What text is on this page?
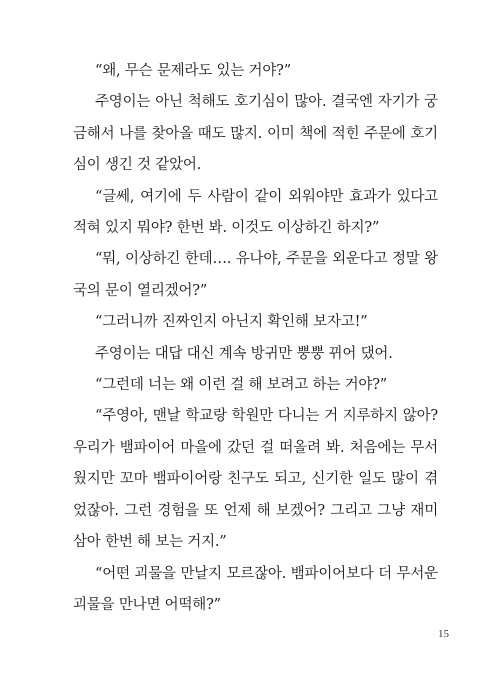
“왜, 무슨 문제라도 있는 거야?”

주영이는 아닌 척해도 호기심이 많아. 결국엔 자기가 궁금해서 나를 찾아올 때도 많지. 이미 책에 적힌 주문에 호기심이 생긴 것 같았어.

“글쎄, 여기에 두 사람이 같이 외워야만 효과가 있다고 적혀 있지 뭐야? 한번 봐. 이것도 이상하긴 하지?”

“뭐, 이상하긴 한데…. 유나야, 주문을 외운다고 정말 왕국의 문이 열리겠어?”

“그러니까 진짜인지 아닌지 확인해 보자고!”

주영이는 대답 대신 계속 방귀만 뿡뿡 뀌어 댔어.

“그런데 너는 왜 이런 걸 해 보려고 하는 거야?”

“주영아, 맨날 학교랑 학원만 다니는 거 지루하지 않아? 우리가 뱀파이어 마을에 갔던 걸 떠올려 봐. 처음에는 무서웠지만 꼬마 뱀파이어랑 친구도 되고, 신기한 일도 많이 겪었잖아. 그런 경험을 또 언제 해 보겠어? 그리고 그냥 재미 삼아 한번 해 보는 거지.”

“어떤 괴물을 만날지 모르잖아. 뱀파이어보다 더 무서운 괴물을 만나면 어떡해?”

15
